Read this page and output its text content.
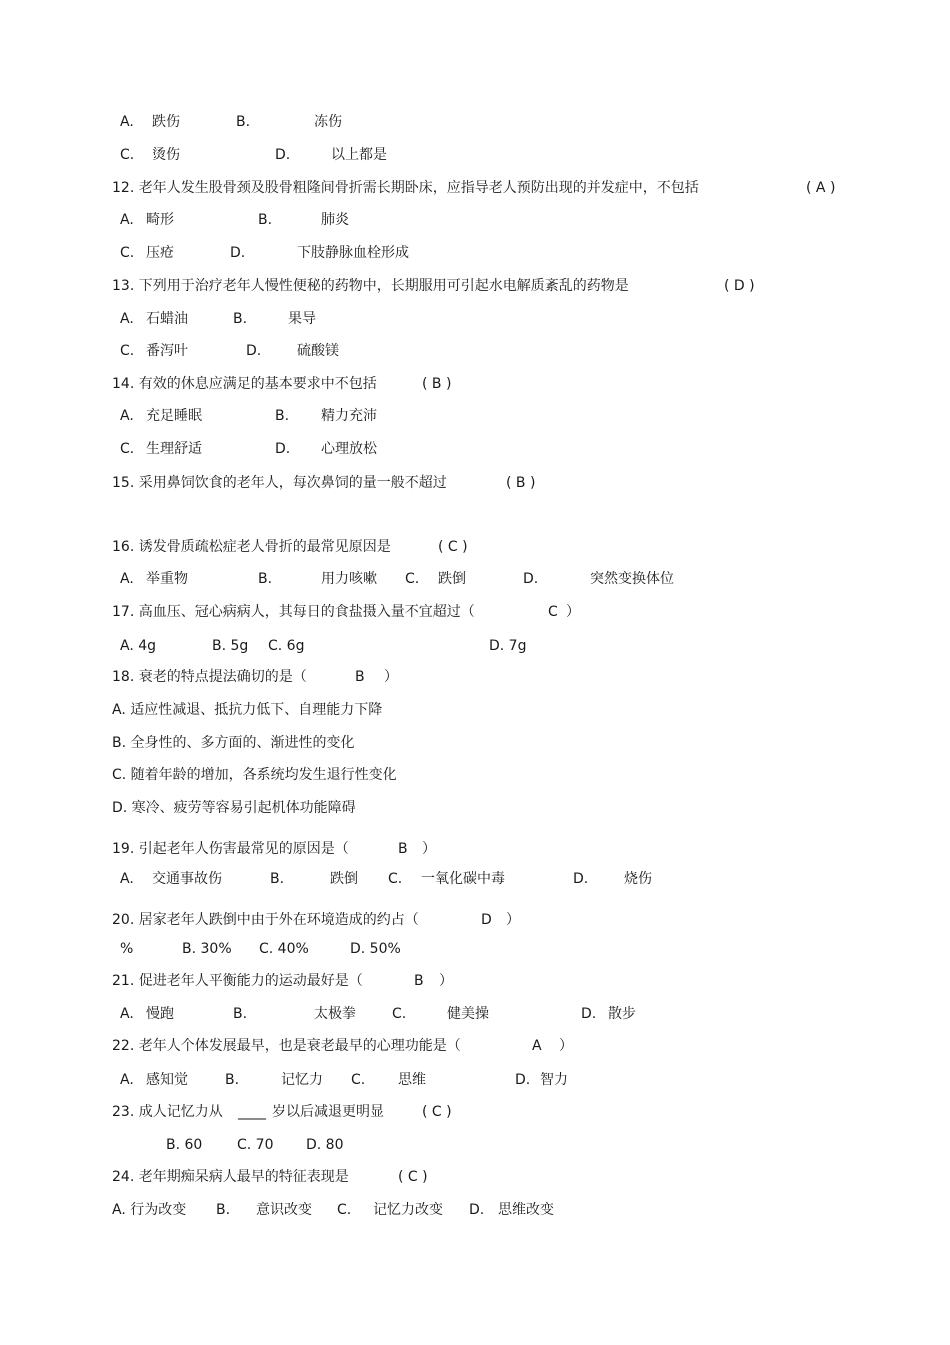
A. 跌伤	B.	冻伤
C. 烫伤	D.	以上都是
12. 老年人发生股骨颈及股骨粗隆间骨折需长期卧床，应指导老人预防出现的并发症中，不包括	( A )
A. 畸形	B.	肺炎
C. 压疮	D.	下肢静脉血栓形成
13. 下列用于治疗老年人慢性便秘的药物中，长期服用可引起水电解质紊乱的药物是	( D )
A. 石蜡油	B.	果导
C. 番泻叶	D.	硫酸镁
14. 有效的休息应满足的基本要求中不包括	( B )
A. 充足睡眠	B. 精力充沛
C. 生理舒适	D. 心理放松
15. 采用鼻饲饮食的老年人，每次鼻饲的量一般不超过	( B )
16. 诱发骨质疏松症老人骨折的最常见原因是	( C )
A. 举重物	B.	用力咳嗽 C. 跌倒	D.	突然变换体位
17. 高血压、冠心病病人，其每日的食盐摄入量不宜超过（	C ）
A. 4g	B. 5g C. 6g	D. 7g
18. 衰老的特点提法确切的是（	B ）
A. 适应性减退、抵抗力低下、自理能力下降
B. 全身性的、多方面的、渐进性的变化
C. 随着年龄的增加，各系统均发生退行性变化
D. 寒冷、疲劳等容易引起机体功能障碍
19. 引起老年人伤害最常见的原因是（	B ）
A. 交通事故伤	B.	跌倒 C. 一氧化碳中毒	D.	烧伤
20. 居家老年人跌倒中由于外在环境造成的约占（	D ）
%	B. 30% C. 40%	D. 50%
21. 促进老年人平衡能力的运动最好是（	B ）
A. 慢跑	B.	太极拳	C.	健美操	D. 散步
22. 老年人个体发展最早，也是衰老最早的心理功能是（	A ）
A. 感知觉	B.	记忆力 C. 思维	D. 智力
23. 成人记忆力从 ____ 岁以后减退更明显	( C )
B. 60 C. 70 D. 80
24. 老年期痴呆病人最早的特征表现是	( C )
A. 行为改变 B. 意识改变 C. 记忆力改变 D. 思维改变
